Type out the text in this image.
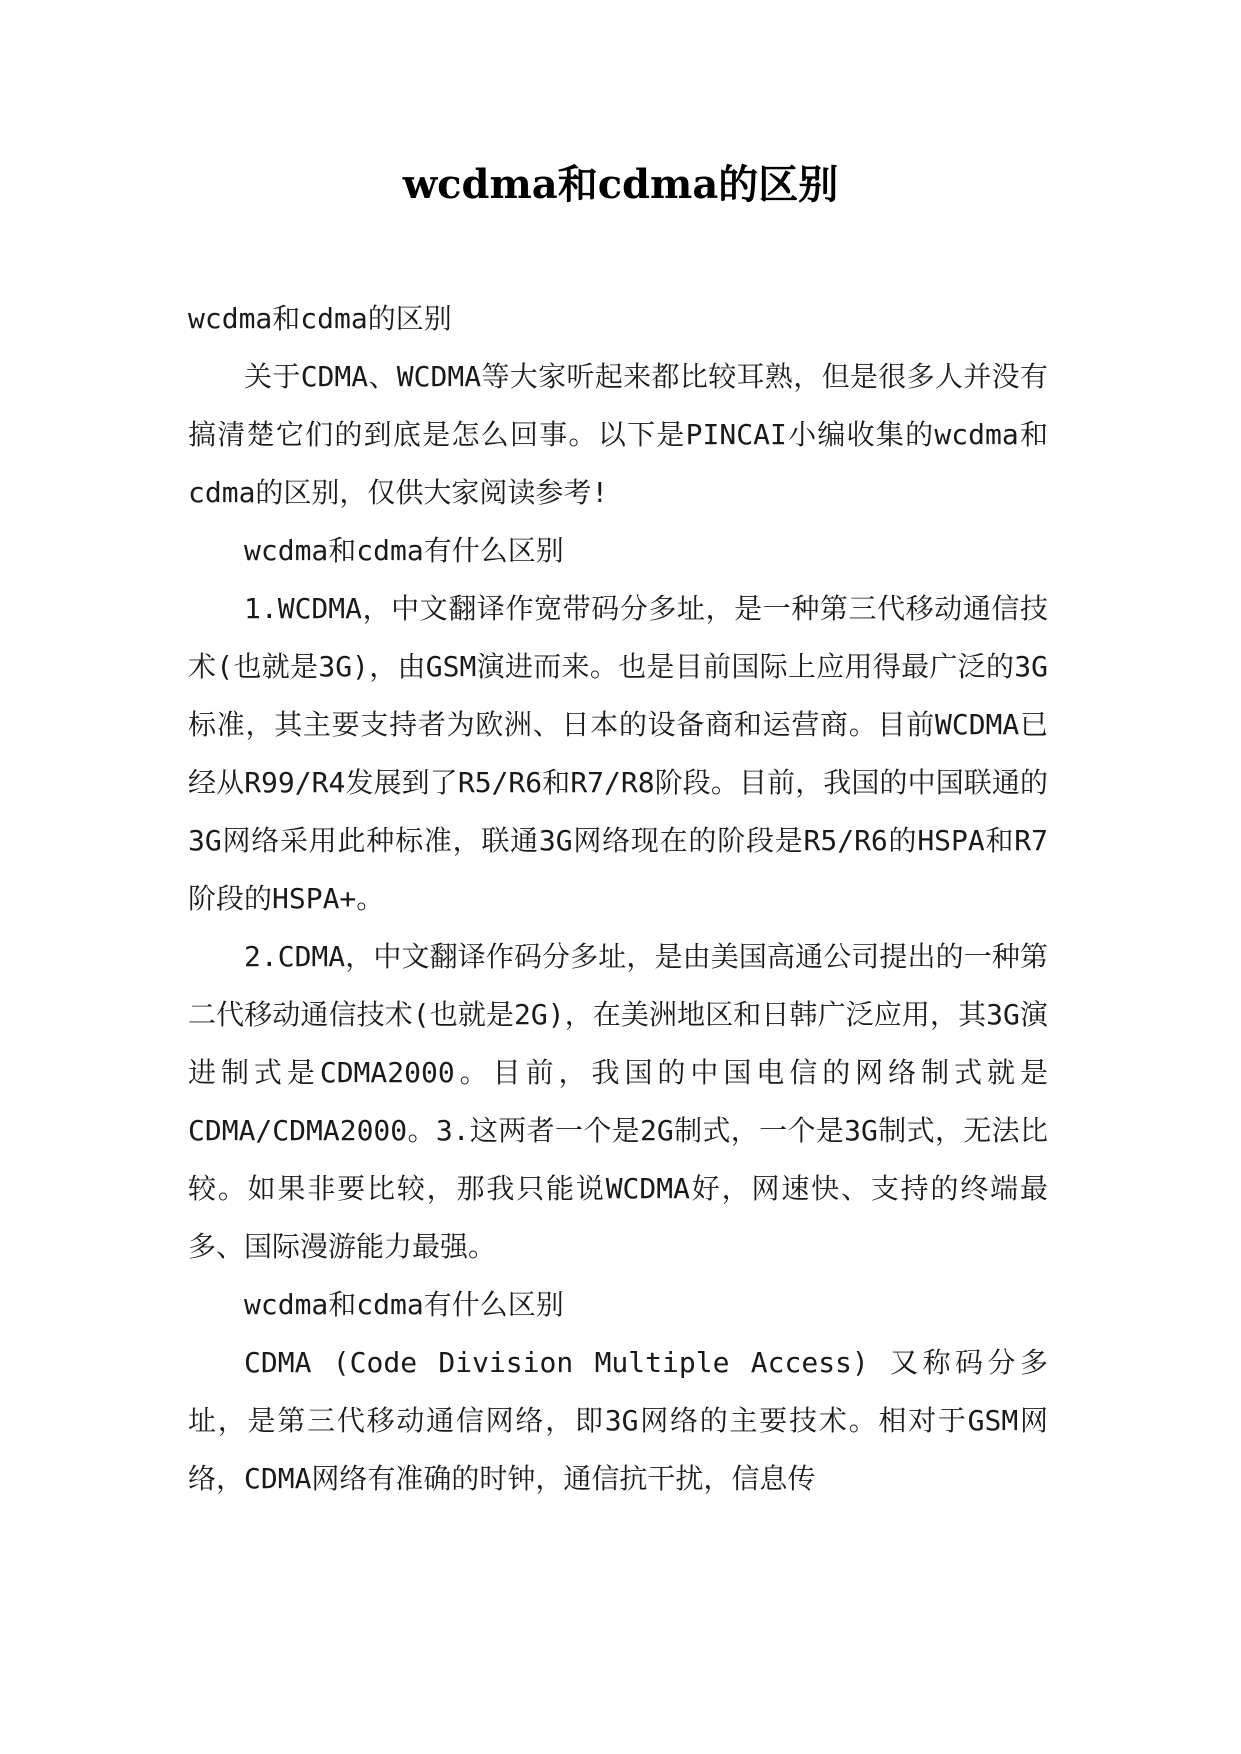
wcdma和cdma的区别

wcdma和cdma的区别

关于CDMA、WCDMA等大家听起来都比较耳熟，但是很多人并没有搞清楚它们的到底是怎么回事。以下是PINCAI小编收集的wcdma和cdma的区别，仅供大家阅读参考!

wcdma和cdma有什么区别

1.WCDMA，中文翻译作宽带码分多址，是一种第三代移动通信技术(也就是3G)，由GSM演进而来。也是目前国际上应用得最广泛的3G标准，其主要支持者为欧洲、日本的设备商和运营商。目前WCDMA已经从R99/R4发展到了R5/R6和R7/R8阶段。目前，我国的中国联通的3G网络采用此种标准，联通3G网络现在的阶段是R5/R6的HSPA和R7阶段的HSPA+。

2.CDMA，中文翻译作码分多址，是由美国高通公司提出的一种第二代移动通信技术(也就是2G)，在美洲地区和日韩广泛应用，其3G演进制式是CDMA2000。目前，我国的中国电信的网络制式就是CDMA/CDMA2000。3.这两者一个是2G制式，一个是3G制式，无法比较。如果非要比较，那我只能说WCDMA好，网速快、支持的终端最多、国际漫游能力最强。

wcdma和cdma有什么区别

CDMA (Code Division Multiple Access) 又称码分多址，是第三代移动通信网络，即3G网络的主要技术。相对于GSM网络，CDMA网络有准确的时钟，通信抗干扰，信息传
